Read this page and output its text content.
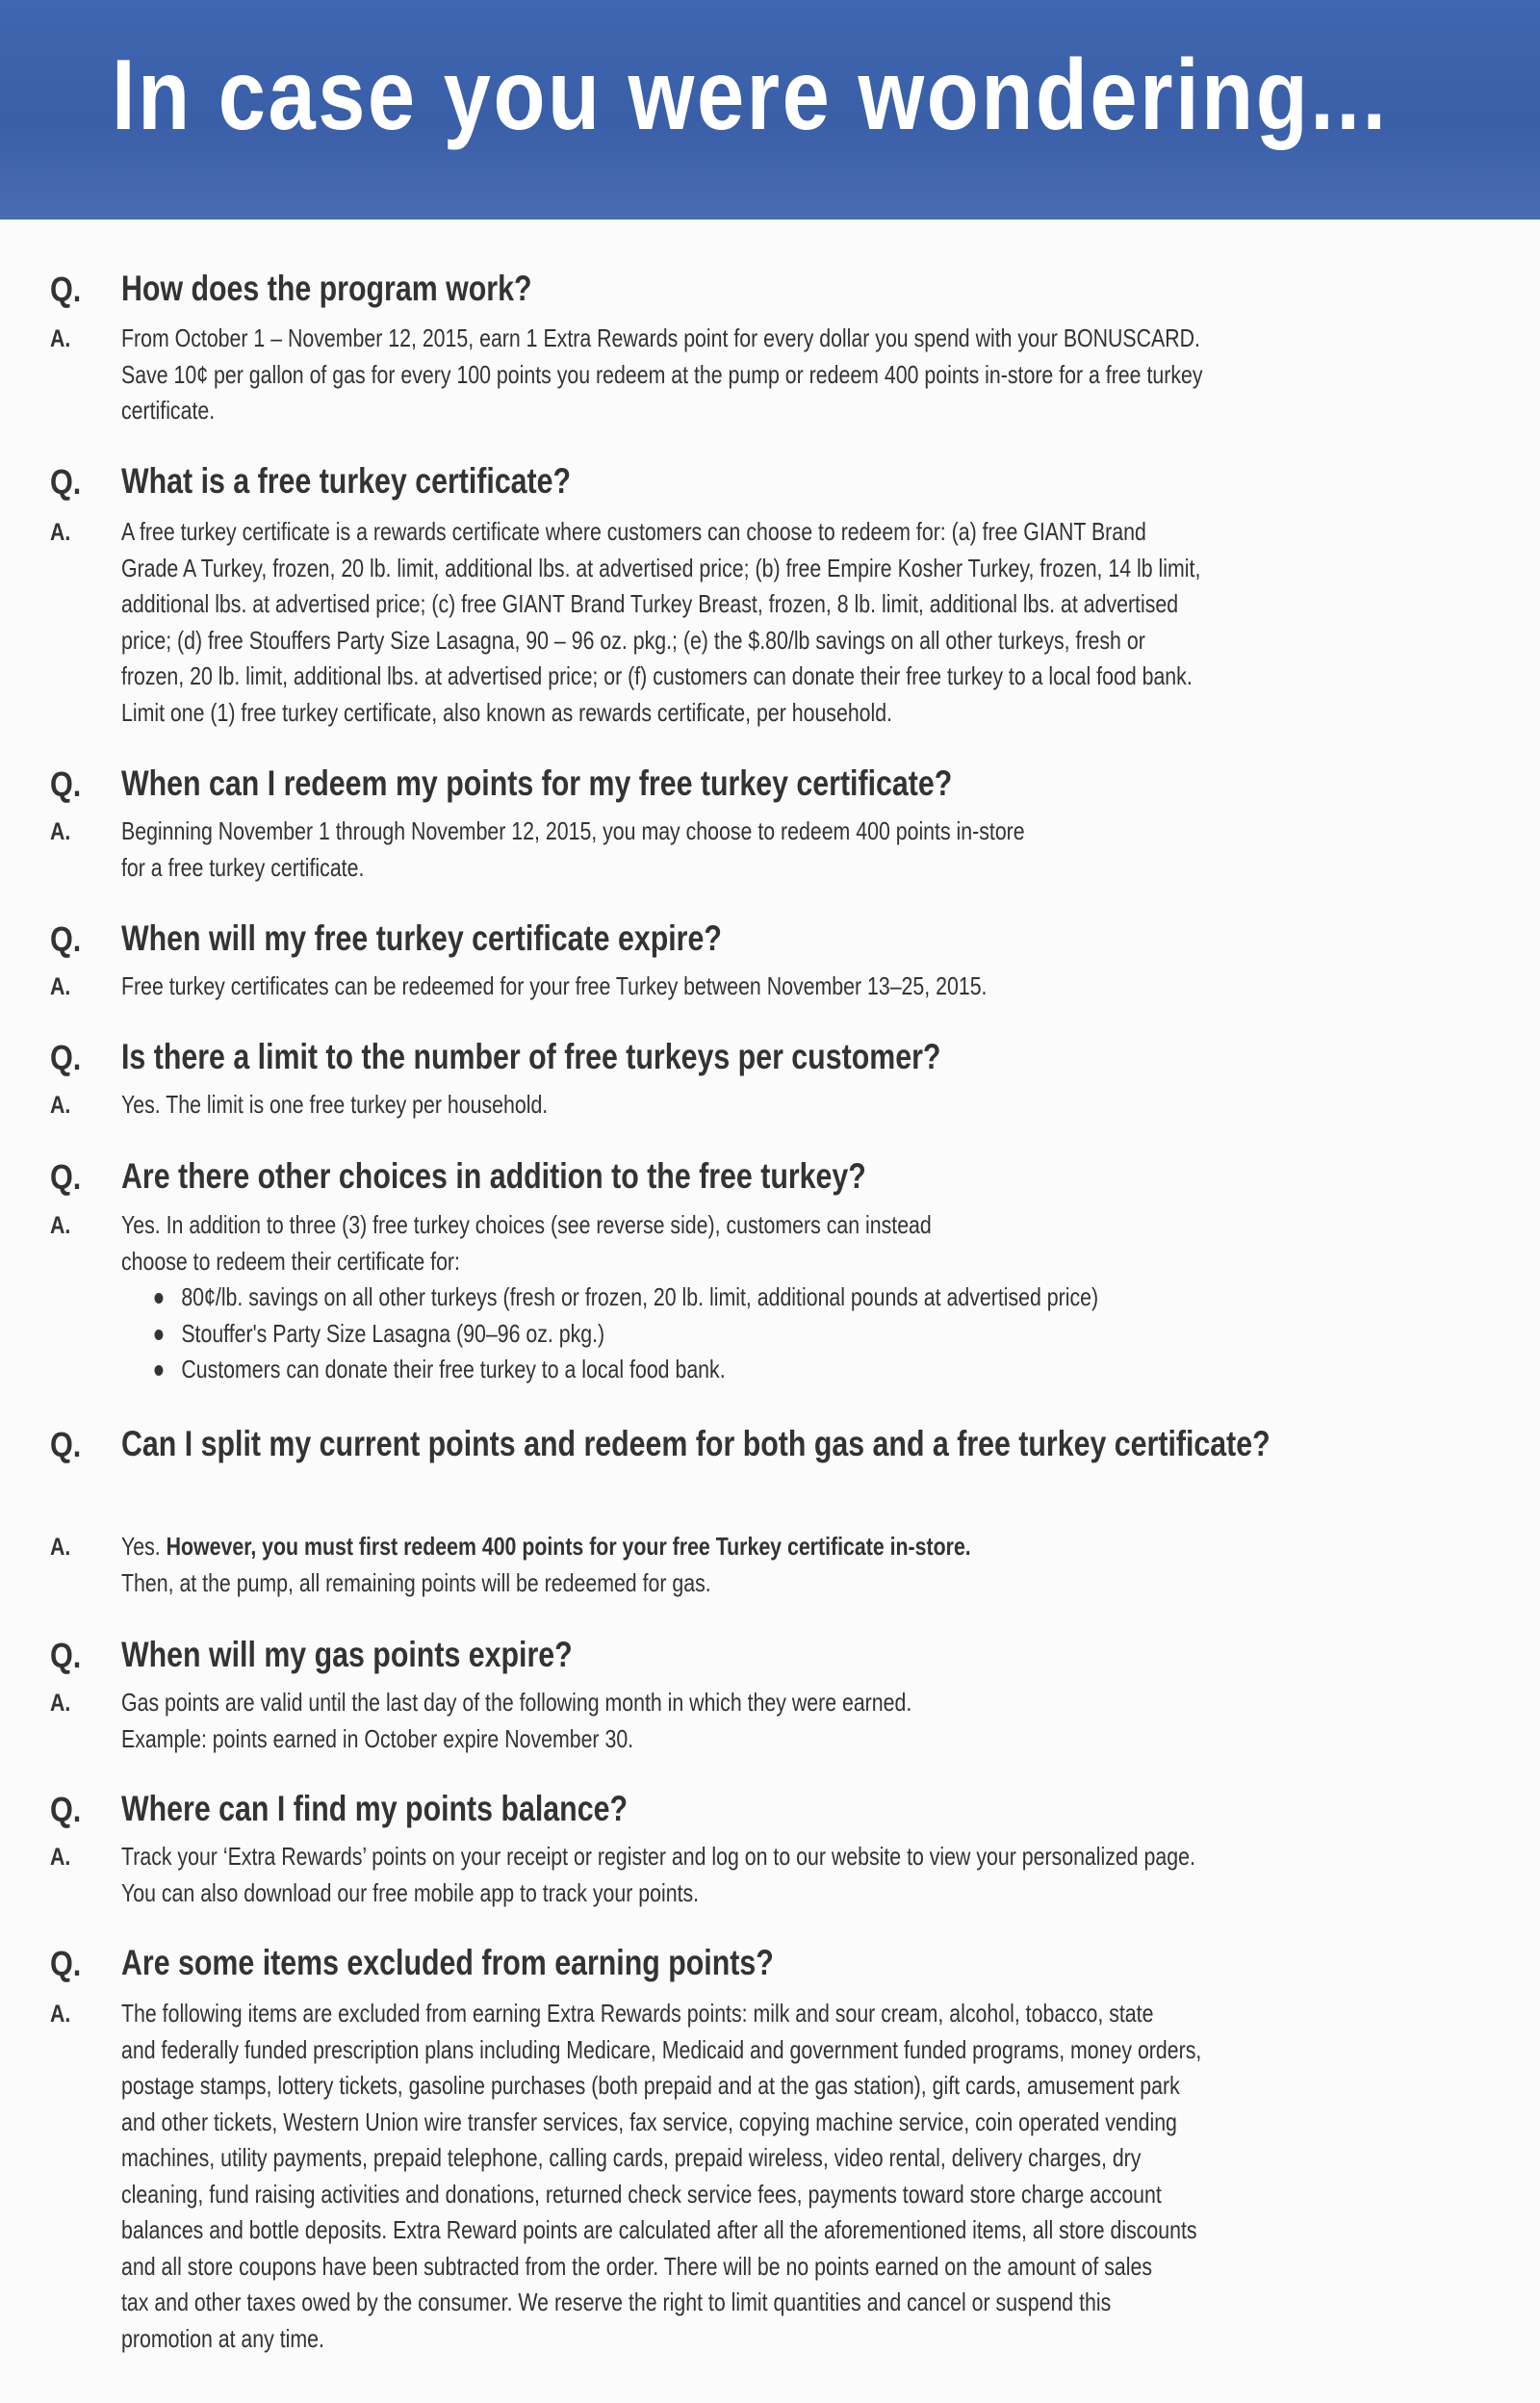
In case you were wondering...
Q. How does the program work?
A. From October 1 – November 12, 2015, earn 1 Extra Rewards point for every dollar you spend with your BONUSCARD.
Save 10¢ per gallon of gas for every 100 points you redeem at the pump or redeem 400 points in-store for a free turkey
certificate.
Q. What is a free turkey certificate?
A. A free turkey certificate is a rewards certificate where customers can choose to redeem for: (a) free GIANT Brand
Grade A Turkey, frozen, 20 lb. limit, additional lbs. at advertised price; (b) free Empire Kosher Turkey, frozen, 14 lb limit,
additional lbs. at advertised price; (c) free GIANT Brand Turkey Breast, frozen, 8 lb. limit, additional lbs. at advertised
price; (d) free Stouffers Party Size Lasagna, 90 – 96 oz. pkg.; (e) the $.80/lb savings on all other turkeys, fresh or
frozen, 20 lb. limit, additional lbs. at advertised price; or (f) customers can donate their free turkey to a local food bank.
Limit one (1) free turkey certificate, also known as rewards certificate, per household.
Q. When can I redeem my points for my free turkey certificate?
A. Beginning November 1 through November 12, 2015, you may choose to redeem 400 points in-store
for a free turkey certificate.
Q. When will my free turkey certificate expire?
A. Free turkey certificates can be redeemed for your free Turkey between November 13–25, 2015.
Q. Is there a limit to the number of free turkeys per customer?
A. Yes. The limit is one free turkey per household.
Q. Are there other choices in addition to the free turkey?
A. Yes. In addition to three (3) free turkey choices (see reverse side), customers can instead
choose to redeem their certificate for:
80¢/lb. savings on all other turkeys (fresh or frozen, 20 lb. limit, additional pounds at advertised price)
Stouffer's Party Size Lasagna (90–96 oz. pkg.)
Customers can donate their free turkey to a local food bank.
Q. Can I split my current points and redeem for both gas and a free turkey certificate?
A. Yes. However, you must first redeem 400 points for your free Turkey certificate in-store.
Then, at the pump, all remaining points will be redeemed for gas.
Q. When will my gas points expire?
A. Gas points are valid until the last day of the following month in which they were earned.
Example: points earned in October expire November 30.
Q. Where can I find my points balance?
A. Track your ‘Extra Rewards’ points on your receipt or register and log on to our website to view your personalized page.
You can also download our free mobile app to track your points.
Q. Are some items excluded from earning points?
A. The following items are excluded from earning Extra Rewards points: milk and sour cream, alcohol, tobacco, state
and federally funded prescription plans including Medicare, Medicaid and government funded programs, money orders,
postage stamps, lottery tickets, gasoline purchases (both prepaid and at the gas station), gift cards, amusement park
and other tickets, Western Union wire transfer services, fax service, copying machine service, coin operated vending
machines, utility payments, prepaid telephone, calling cards, prepaid wireless, video rental, delivery charges, dry
cleaning, fund raising activities and donations, returned check service fees, payments toward store charge account
balances and bottle deposits. Extra Reward points are calculated after all the aforementioned items, all store discounts
and all store coupons have been subtracted from the order. There will be no points earned on the amount of sales
tax and other taxes owed by the consumer. We reserve the right to limit quantities and cancel or suspend this
promotion at any time.
